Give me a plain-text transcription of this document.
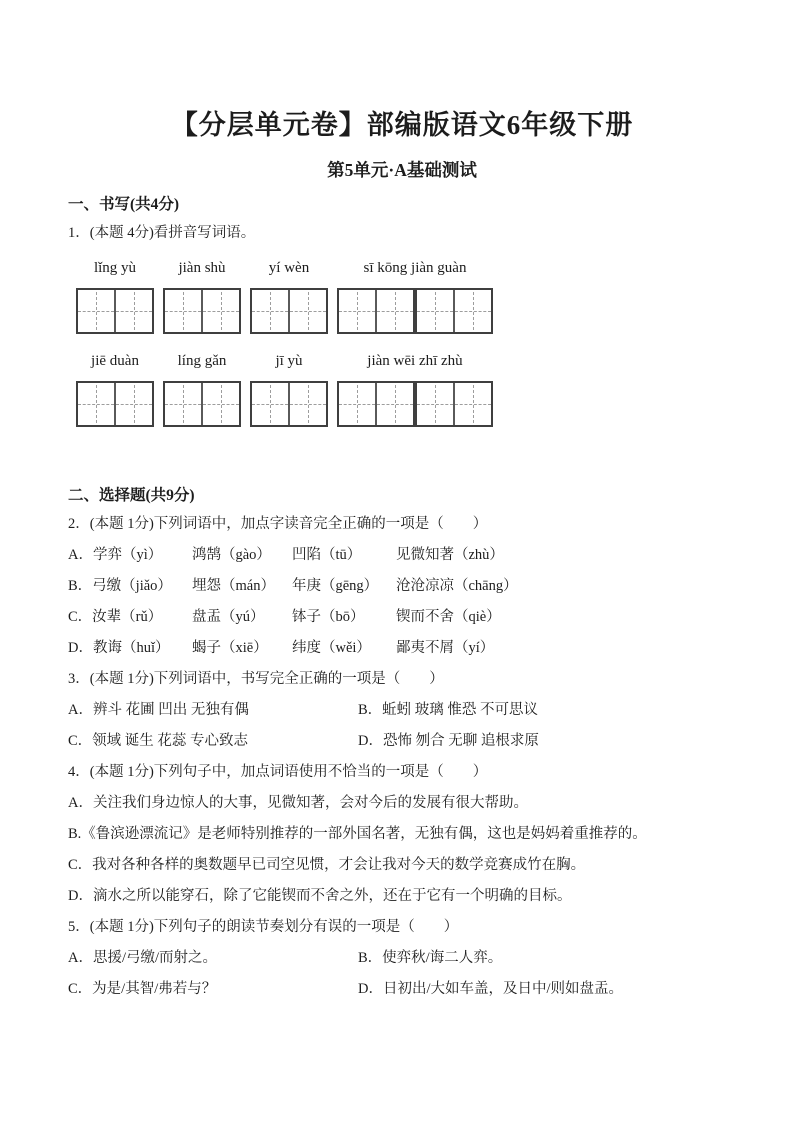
【分层单元卷】部编版语文6年级下册
第5单元·A基础测试
一、书写(共4分)

1．(本题 4分)看拼音写词语。

lǐng yù	jiàn shù	yí wèn	sī kōng jiàn guàn
jiē duàn	líng gǎn	jī yù	jiàn wēi zhī zhù
二、选择题(共9分)

2．(本题 1分)下列词语中，加点字读音完全正确的一项是（　　）

A．学弈（yì）	鸿鹄（gào）	凹陷（tū）	见微知著（zhù）
B．弓缴（jiǎo）	埋怨（mán）	年庚（gēng）	沧沧凉凉（chāng）
C．汝辈（rǔ）	盘盂（yú）	钵子（bō）	锲而不舍（qiè）
D．教诲（huǐ）	蝎子（xiē）	纬度（wěi）	鄙夷不屑（yí）

3．(本题 1分)下列词语中，书写完全正确的一项是（　　）

A．辨斗 花圃 凹出 无独有偶	B．蚯蚓 玻璃 惟恐 不可思议
C．领域 诞生 花蕊 专心致志	D．恐怖 刎合 无聊 追根求原

4．(本题 1分)下列句子中，加点词语使用不恰当的一项是（　　）

A．关注我们身边惊人的大事，见微知著，会对今后的发展有很大帮助。

B.《鲁滨逊漂流记》是老师特别推荐的一部外国名著，无独有偶，这也是妈妈着重推荐的。

C．我对各种各样的奥数题早已司空见惯，才会让我对今天的数学竞赛成竹在胸。

D．滴水之所以能穿石，除了它能锲而不舍之外，还在于它有一个明确的目标。

5．(本题 1分)下列句子的朗读节奏划分有误的一项是（　　）

A．思援/弓缴/而射之。	B．使弈秋/诲二人弈。
C．为是/其智/弗若与？	D．日初出/大如车盖，及日中/则如盘盂。
